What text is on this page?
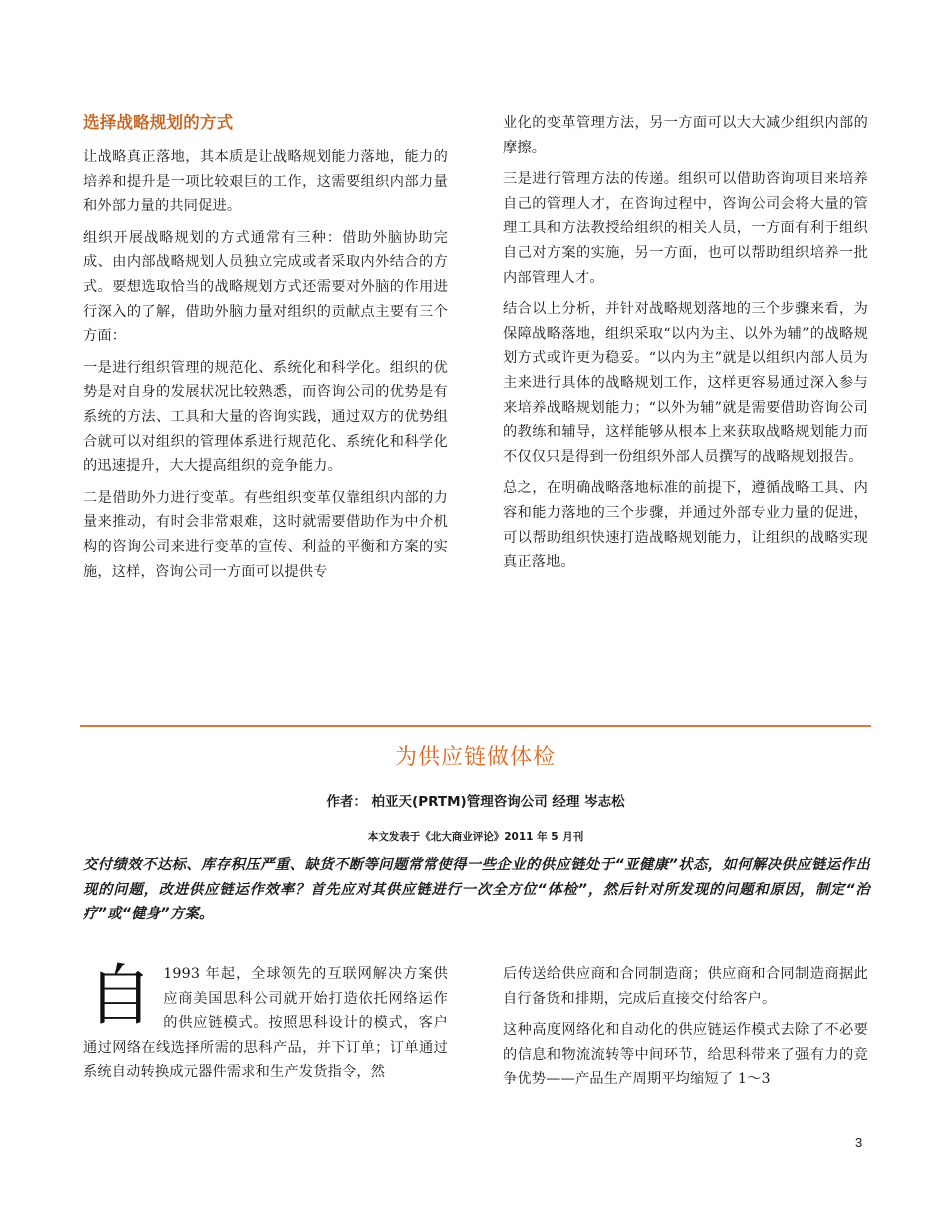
选择战略规划的方式

让战略真正落地，其本质是让战略规划能力落地，能力的培养和提升是一项比较艰巨的工作，这需要组织内部力量和外部力量的共同促进。

组织开展战略规划的方式通常有三种：借助外脑协助完成、由内部战略规划人员独立完成或者采取内外结合的方式。要想选取恰当的战略规划方式还需要对外脑的作用进行深入的了解，借助外脑力量对组织的贡献点主要有三个方面：

一是进行组织管理的规范化、系统化和科学化。组织的优势是对自身的发展状况比较熟悉，而咨询公司的优势是有系统的方法、工具和大量的咨询实践，通过双方的优势组合就可以对组织的管理体系进行规范化、系统化和科学化的迅速提升，大大提高组织的竞争能力。

二是借助外力进行变革。有些组织变革仅靠组织内部的力量来推动，有时会非常艰难，这时就需要借助作为中介机构的咨询公司来进行变革的宣传、利益的平衡和方案的实施，这样，咨询公司一方面可以提供专

业化的变革管理方法，另一方面可以大大减少组织内部的摩擦。

三是进行管理方法的传递。组织可以借助咨询项目来培养自己的管理人才，在咨询过程中，咨询公司会将大量的管理工具和方法教授给组织的相关人员，一方面有利于组织自己对方案的实施，另一方面，也可以帮助组织培养一批内部管理人才。

结合以上分析，并针对战略规划落地的三个步骤来看，为保障战略落地，组织采取“以内为主、以外为辅”的战略规划方式或许更为稳妥。“以内为主”就是以组织内部人员为主来进行具体的战略规划工作，这样更容易通过深入参与来培养战略规划能力；“以外为辅”就是需要借助咨询公司的教练和辅导，这样能够从根本上来获取战略规划能力而不仅仅只是得到一份组织外部人员撰写的战略规划报告。

总之，在明确战略落地标准的前提下，遵循战略工具、内容和能力落地的三个步骤，并通过外部专业力量的促进，可以帮助组织快速打造战略规划能力，让组织的战略实现真正落地。

为供应链做体检
作者： 柏亚天(PRTM)管理咨询公司 经理 岑志松
本文发表于《北大商业评论》2011 年 5 月刊
交付绩效不达标、库存积压严重、缺货不断等问题常常使得一些企业的供应链处于“亚健康”状态，如何解决供应链运作出现的问题，改进供应链运作效率？首先应对其供应链进行一次全方位“体检”，然后针对所发现的问题和原因，制定“治疗”或“健身”方案。

自 1993 年起，全球领先的互联网解决方案供应商美国思科公司就开始打造依托网络运作的供应链模式。按照思科设计的模式，客户通过网络在线选择所需的思科产品，并下订单；订单通过系统自动转换成元器件需求和生产发货指令，然

后传送给供应商和合同制造商；供应商和合同制造商据此自行备货和排期，完成后直接交付给客户。

这种高度网络化和自动化的供应链运作模式去除了不必要的信息和物流流转等中间环节，给思科带来了强有力的竞争优势——产品生产周期平均缩短了 1～3

3
